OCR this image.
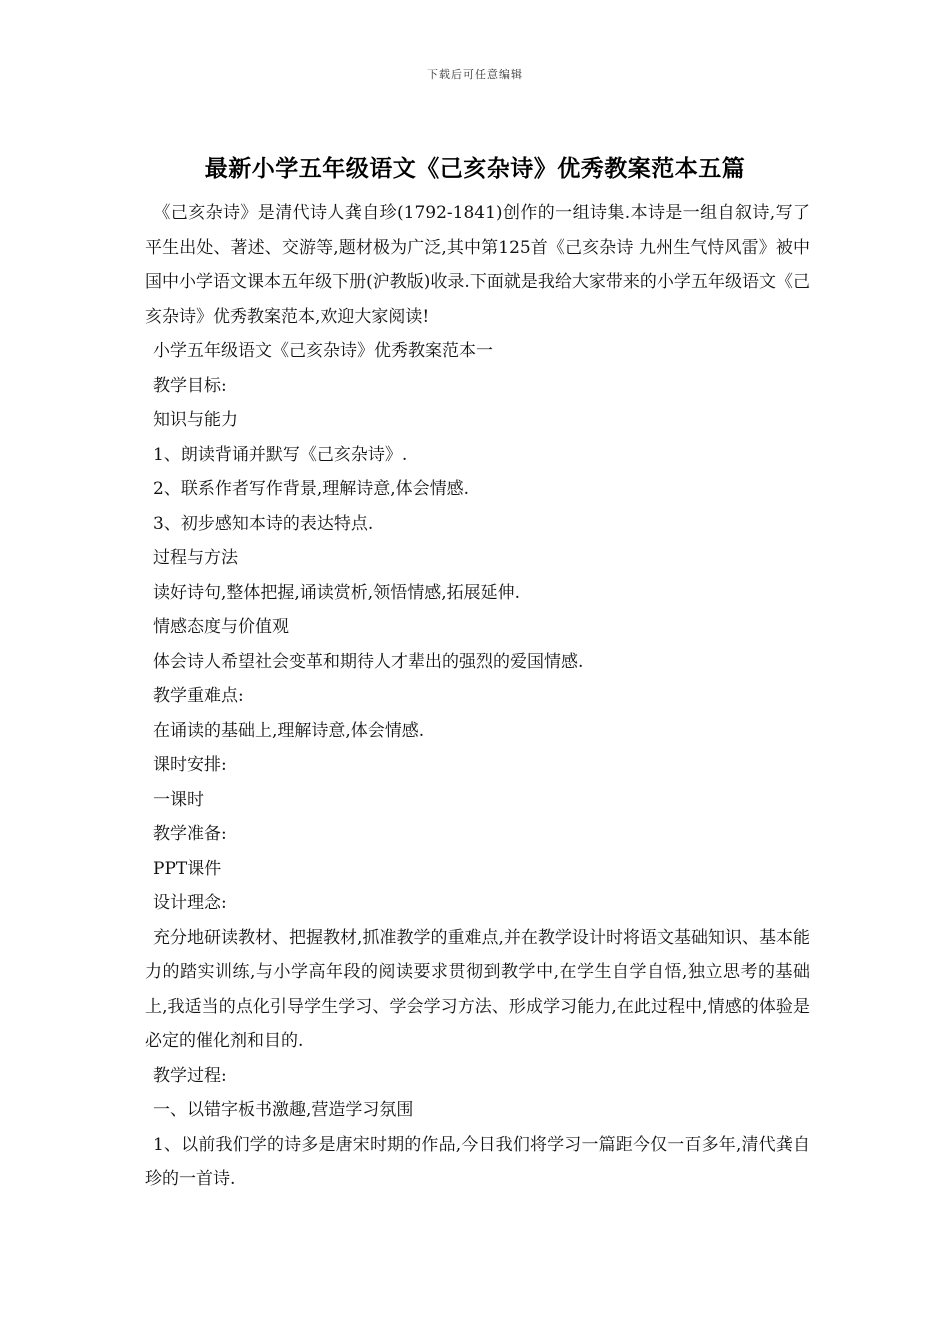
下载后可任意编辑
最新小学五年级语文《己亥杂诗》优秀教案范本五篇

《己亥杂诗》是清代诗人龚自珍(1792-1841)创作的一组诗集.本诗是一组自叙诗,写了平生出处、著述、交游等,题材极为广泛,其中第125首《己亥杂诗 九州生气恃风雷》被中国中小学语文课本五年级下册(沪教版)收录.下面就是我给大家带来的小学五年级语文《己亥杂诗》优秀教案范本,欢迎大家阅读!

小学五年级语文《己亥杂诗》优秀教案范本一

教学目标:

知识与能力

1、朗读背诵并默写《己亥杂诗》.

2、联系作者写作背景,理解诗意,体会情感.

3、初步感知本诗的表达特点.

过程与方法

读好诗句,整体把握,诵读赏析,领悟情感,拓展延伸.

情感态度与价值观

体会诗人希望社会变革和期待人才辈出的强烈的爱国情感.

教学重难点:

在诵读的基础上,理解诗意,体会情感.

课时安排:

一课时

教学准备:

PPT课件

设计理念:

充分地研读教材、把握教材,抓准教学的重难点,并在教学设计时将语文基础知识、基本能力的踏实训练,与小学高年段的阅读要求贯彻到教学中,在学生自学自悟,独立思考的基础上,我适当的点化引导学生学习、学会学习方法、形成学习能力,在此过程中,情感的体验是必定的催化剂和目的.

教学过程:

一、以错字板书激趣,营造学习氛围

1、以前我们学的诗多是唐宋时期的作品,今日我们将学习一篇距今仅一百多年,清代龚自珍的一首诗.
